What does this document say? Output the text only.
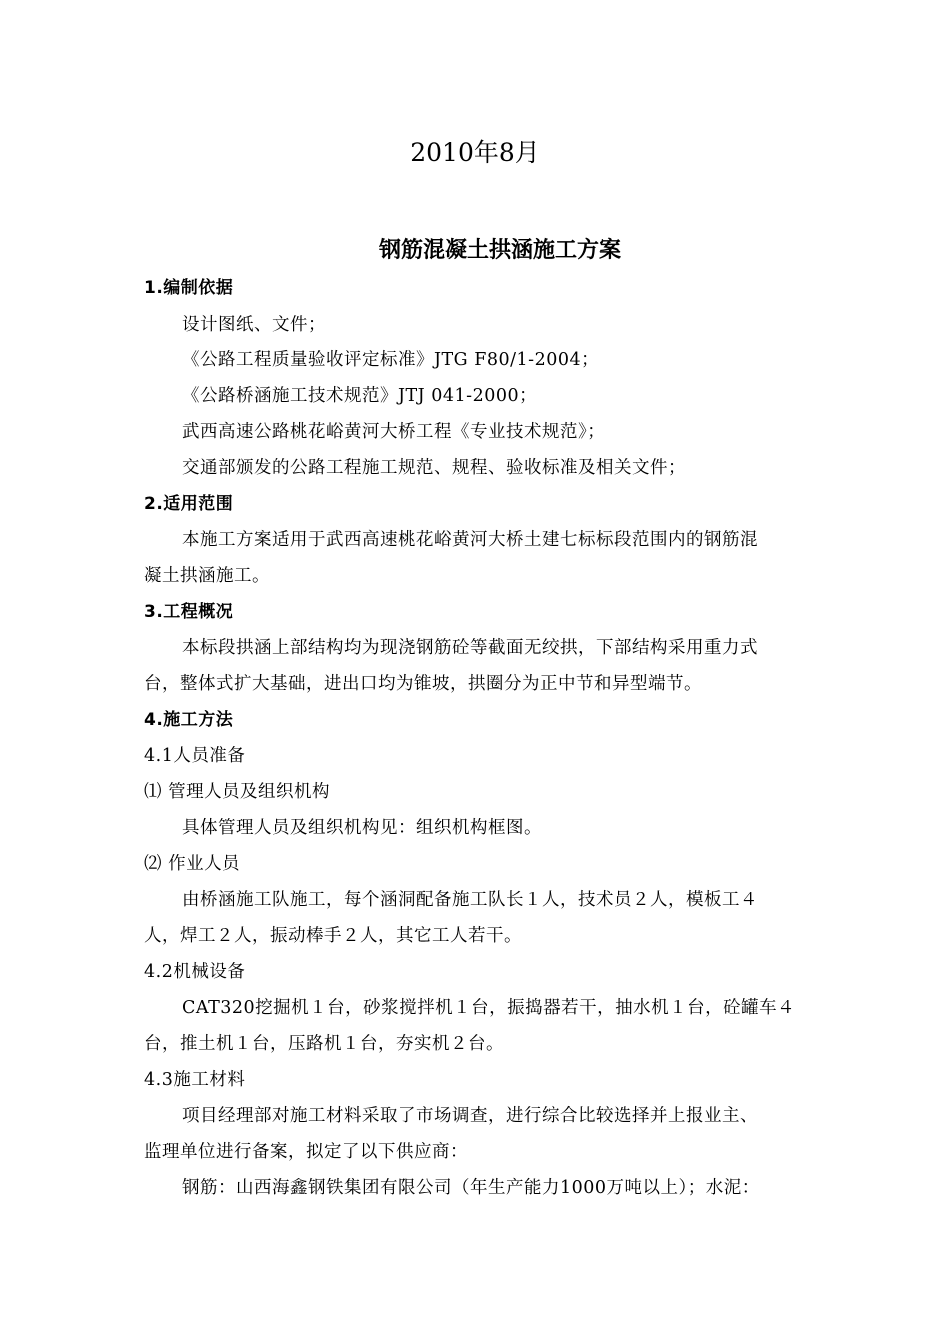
2010年8月
钢筋混凝土拱涵施工方案
1.编制依据
设计图纸、文件；
《公路工程质量验收评定标准》JTG F80/1-2004；
《公路桥涵施工技术规范》JTJ 041-2000；
武西高速公路桃花峪黄河大桥工程《专业技术规范》；
交通部颁发的公路工程施工规范、规程、验收标准及相关文件；
2.适用范围
本施工方案适用于武西高速桃花峪黄河大桥土建七标标段范围内的钢筋混
凝土拱涵施工。
3.工程概况
本标段拱涵上部结构均为现浇钢筋砼等截面无绞拱，下部结构采用重力式
台，整体式扩大基础，进出口均为锥坡，拱圈分为正中节和异型端节。
4.施工方法
4.1人员准备
⑴ 管理人员及组织机构
具体管理人员及组织机构见：组织机构框图。
⑵ 作业人员
由桥涵施工队施工，每个涵洞配备施工队长１人，技术员２人，模板工４
人，焊工２人，振动棒手２人，其它工人若干。
4.2机械设备
CAT320挖掘机１台，砂浆搅拌机１台，振捣器若干，抽水机１台，砼罐车４
台，推土机１台，压路机１台，夯实机２台。
4.3施工材料
项目经理部对施工材料采取了市场调查，进行综合比较选择并上报业主、
监理单位进行备案，拟定了以下供应商：
钢筋：山西海鑫钢铁集团有限公司（年生产能力1000万吨以上）；水泥：
